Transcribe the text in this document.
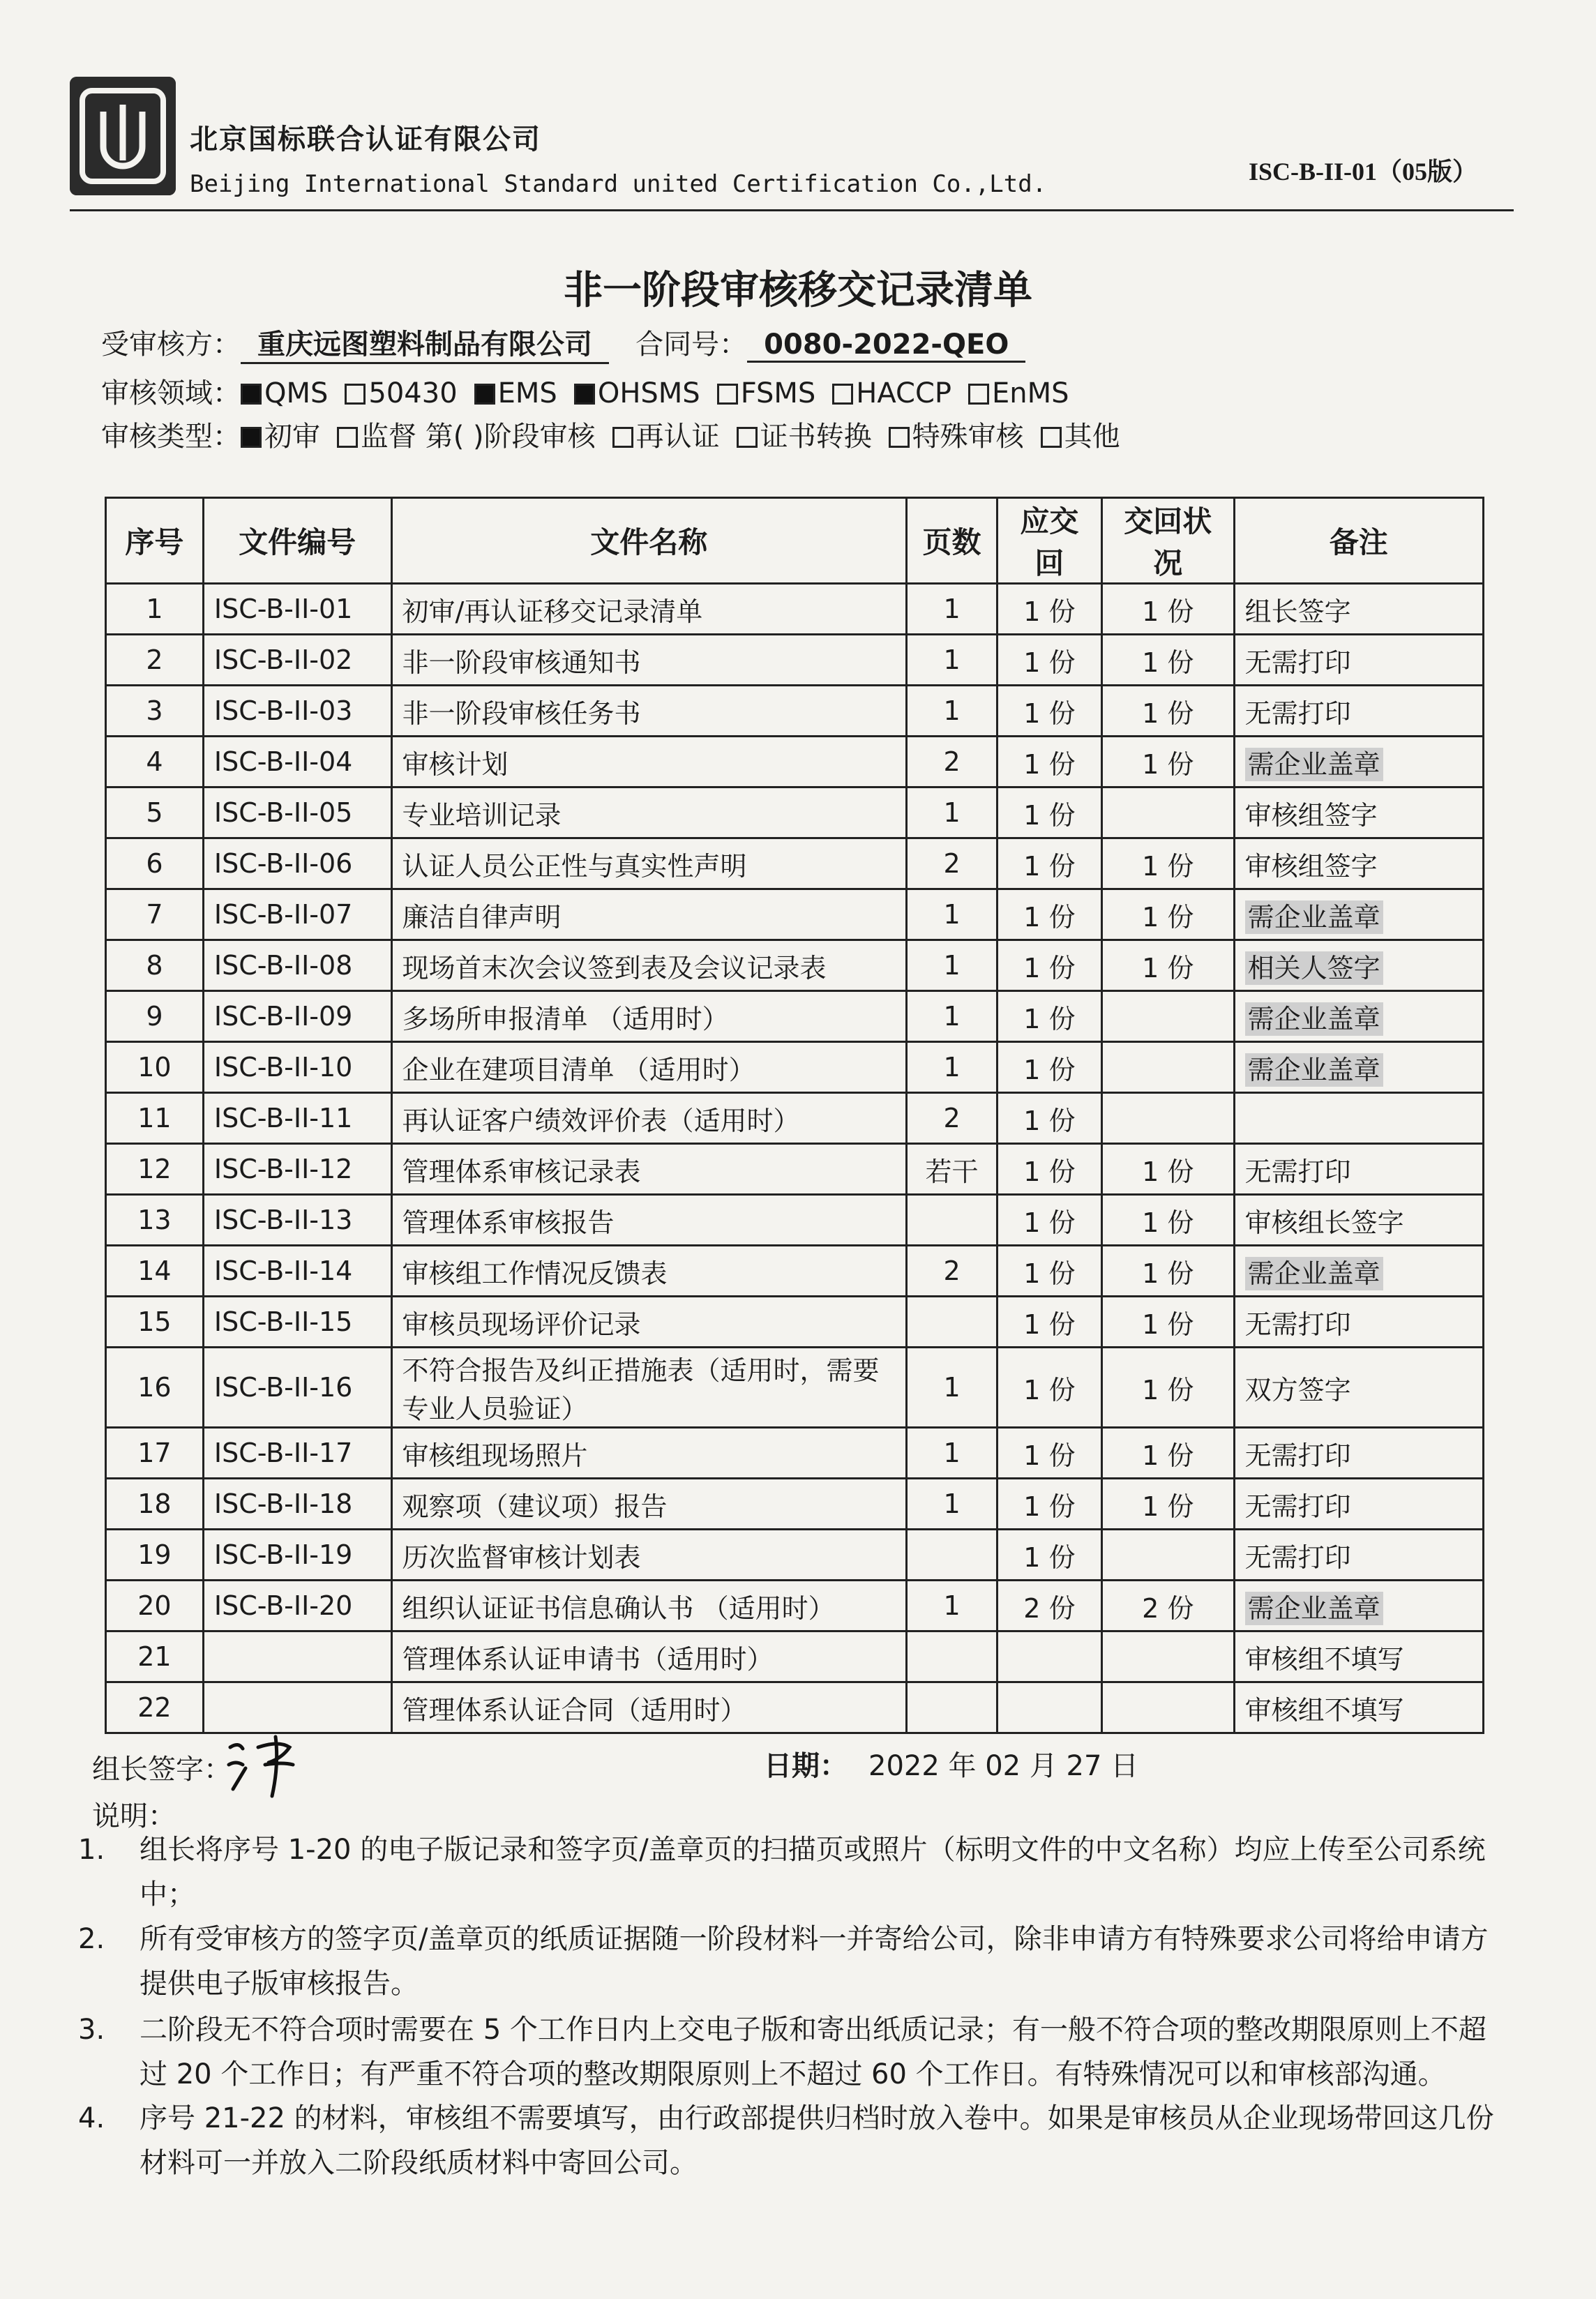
北京国标联合认证有限公司
Beijing International Standard united Certification Co.,Ltd.	ISC-B-II-01（05版）
非一阶段审核移交记录清单
受审核方： 重庆远图塑料制品有限公司 合同号： 0080-2022-QEO
审核领域： QMS 50430 EMS OHSMS FSMS HACCP EnMS
审核类型： 初审 监督 第( )阶段审核 再认证 证书转换 特殊审核 其他
序号	文件编号	文件名称	页数	应交回	交回状况	备注
1	ISC-B-II-01	初审/再认证移交记录清单	1	1 份	1 份	组长签字
2	ISC-B-II-02	非一阶段审核通知书	1	1 份	1 份	无需打印
3	ISC-B-II-03	非一阶段审核任务书	1	1 份	1 份	无需打印
4	ISC-B-II-04	审核计划	2	1 份	1 份	需企业盖章
5	ISC-B-II-05	专业培训记录	1	1 份		审核组签字
6	ISC-B-II-06	认证人员公正性与真实性声明	2	1 份	1 份	审核组签字
7	ISC-B-II-07	廉洁自律声明	1	1 份	1 份	需企业盖章
8	ISC-B-II-08	现场首末次会议签到表及会议记录表	1	1 份	1 份	相关人签字
9	ISC-B-II-09	多场所申报清单 （适用时）	1	1 份		需企业盖章
10	ISC-B-II-10	企业在建项目清单 （适用时）	1	1 份		需企业盖章
11	ISC-B-II-11	再认证客户绩效评价表（适用时）	2	1 份		
12	ISC-B-II-12	管理体系审核记录表	若干	1 份	1 份	无需打印
13	ISC-B-II-13	管理体系审核报告		1 份	1 份	审核组长签字
14	ISC-B-II-14	审核组工作情况反馈表	2	1 份	1 份	需企业盖章
15	ISC-B-II-15	审核员现场评价记录		1 份	1 份	无需打印
16	ISC-B-II-16	不符合报告及纠正措施表（适用时，需要专业人员验证）	1	1 份	1 份	双方签字
17	ISC-B-II-17	审核组现场照片	1	1 份	1 份	无需打印
18	ISC-B-II-18	观察项（建议项）报告	1	1 份	1 份	无需打印
19	ISC-B-II-19	历次监督审核计划表		1 份		无需打印
20	ISC-B-II-20	组织认证证书信息确认书 （适用时）	1	2 份	2 份	需企业盖章
21		管理体系认证申请书（适用时）				审核组不填写
22		管理体系认证合同（适用时）				审核组不填写
组长签字：	日期： 2022 年 02 月 27 日
说明：
1. 组长将序号 1-20 的电子版记录和签字页/盖章页的扫描页或照片（标明文件的中文名称）均应上传至公司系统中；
2. 所有受审核方的签字页/盖章页的纸质证据随一阶段材料一并寄给公司，除非申请方有特殊要求公司将给申请方提供电子版审核报告。
3. 二阶段无不符合项时需要在 5 个工作日内上交电子版和寄出纸质记录；有一般不符合项的整改期限原则上不超过 20 个工作日；有严重不符合项的整改期限原则上不超过 60 个工作日。有特殊情况可以和审核部沟通。
4. 序号 21-22 的材料，审核组不需要填写，由行政部提供归档时放入卷中。如果是审核员从企业现场带回这几份材料可一并放入二阶段纸质材料中寄回公司。
